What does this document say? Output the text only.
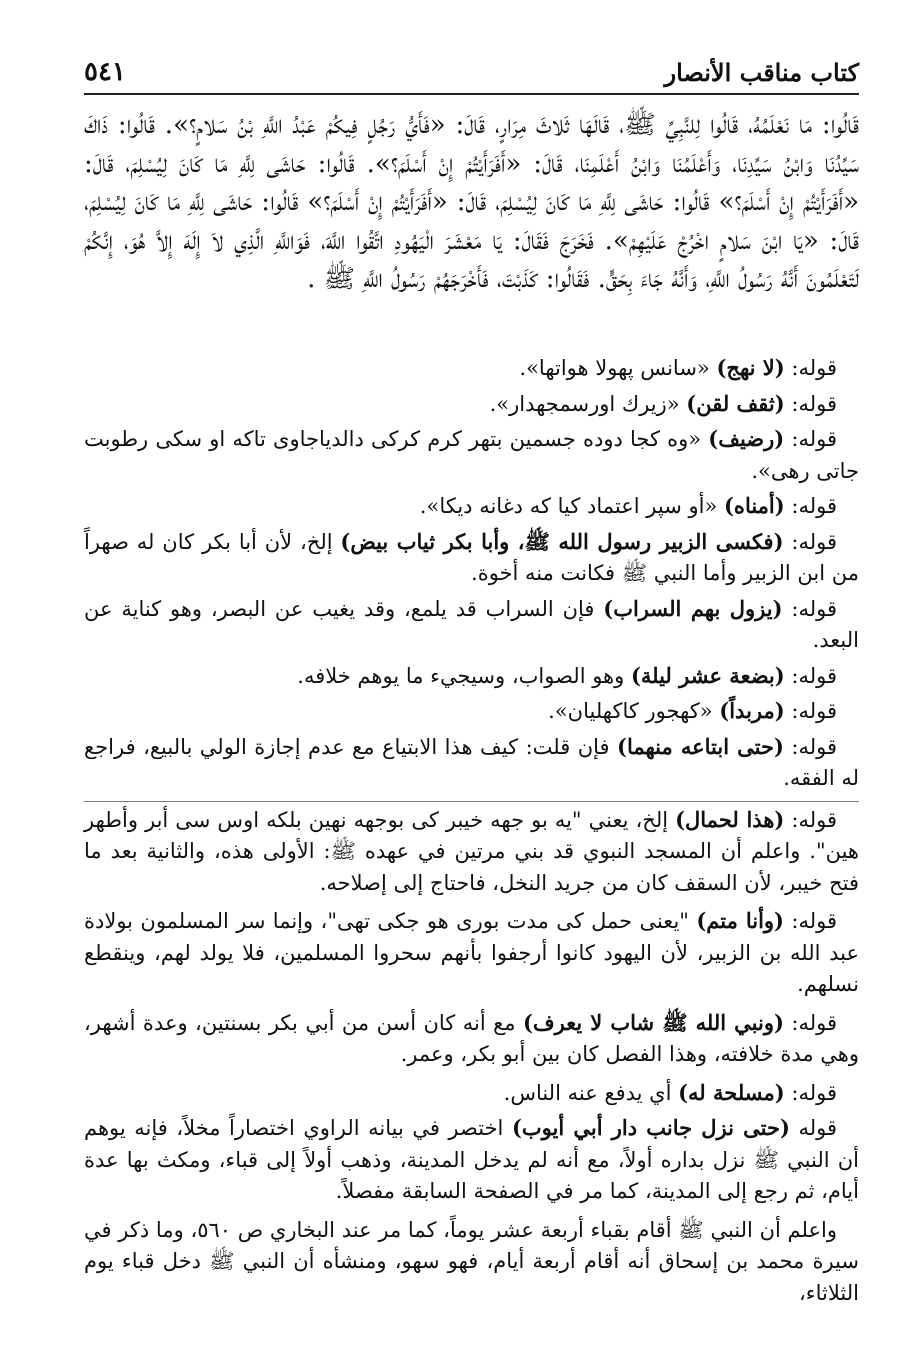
كتاب مناقب الأنصار
٥٤١

قَالُوا: مَا نَعْلَمُهُ، قَالُوا لِلنَّبِيِّ ﷺ، قَالَهَا ثَلاثَ مِرَارٍ، قَالَ: «فَأَيُّ رَجُلٍ فِيكُمْ عَبْدُ اللَّهِ بْنُ سَلامٍ؟». قَالُوا: ذَاكَ سَيِّدُنَا وَابْنُ سَيِّدِنَا، وَأَعْلَمُنَا وَابْنُ أَعْلَمِنَا، قَالَ: «أَفَرَأَيْتُمْ إِنْ أَسْلَمَ؟». قَالُوا: حَاشَى لِلَّهِ مَا كَانَ لِيُسْلِمَ، قَالَ: «أَفَرَأَيْتُمْ إِنْ أَسْلَمَ؟» قَالُوا: حَاشَى لِلَّهِ مَا كَانَ لِيُسْلِمَ، قَالَ: «أَفَرَأَيْتُمْ إِنْ أَسْلَمَ؟» قَالُوا: حَاشَى لِلَّهِ مَا كَانَ لِيُسْلِمَ، قَالَ: «يَا ابْنَ سَلامٍ اخْرُجْ عَلَيْهِمْ». فَخَرَجَ فَقَالَ: يَا مَعْشَرَ الْيَهُودِ اتَّقُوا اللَّهَ، فَوَاللَّهِ الَّذِي لاَ إِلَهَ إِلاَّ هُوَ، إِنَّكُمْ لَتَعْلَمُونَ أَنَّهُ رَسُولُ اللَّهِ، وَأَنَّهُ جَاءَ بِحَقٍّ. فَقَالُوا: كَذَبْتَ، فَأَخْرَجَهُمْ رَسُولُ اللَّهِ ﷺ .

قوله: (لا نهج) «سانس پهولا هواتها».

قوله: (ثقف لقن) «زيرك اورسمجهدار».

قوله: (رضيف) «وه كجا دوده جسمين بتهر كرم كركى دالدياجاوى تاكه او سكى رطوبت جاتى رهى».

قوله: (أمناه) «أو سپر اعتماد كيا كه دغانه ديكا».

قوله: (فكسى الزبير رسول الله ﷺ، وأبا بكر ثياب بيض) إلخ، لأن أبا بكر كان له صهراً من ابن الزبير وأما النبي ﷺ فكانت منه أخوة.

قوله: (يزول بهم السراب) فإن السراب قد يلمع، وقد يغيب عن البصر، وهو كناية عن البعد.

قوله: (بضعة عشر ليلة) وهو الصواب، وسيجيء ما يوهم خلافه.

قوله: (مربداً) «كهجور كاكهليان».

قوله: (حتى ابتاعه منهما) فإن قلت: كيف هذا الابتياع مع عدم إجازة الولي بالبيع، فراجع له الفقه.

قوله: (هذا لحمال) إلخ، يعني "يه بو جهه خيبر كى بوجهه نهين بلكه اوس سى أبر وأطهر هين". واعلم أن المسجد النبوي قد بني مرتين في عهده ﷺ: الأولى هذه، والثانية بعد ما فتح خيبر، لأن السقف كان من جريد النخل، فاحتاج إلى إصلاحه.

قوله: (وأنا متم) "يعنى حمل كى مدت بورى هو جكى تهى"، وإنما سر المسلمون بولادة عبد الله بن الزبير، لأن اليهود كانوا أرجفوا بأنهم سحروا المسلمين، فلا يولد لهم، وينقطع نسلهم.

قوله: (ونبي الله ﷺ شاب لا يعرف) مع أنه كان أسن من أبي بكر بسنتين، وعدة أشهر، وهي مدة خلافته، وهذا الفصل كان بين أبو بكر، وعمر.

قوله: (مسلحة له) أي يدفع عنه الناس.

قوله (حتى نزل جانب دار أبي أيوب) اختصر في بيانه الراوي اختصاراً مخلاً، فإنه يوهم أن النبي ﷺ نزل بداره أولاً، مع أنه لم يدخل المدينة، وذهب أولاً إلى قباء، ومكث بها عدة أيام، ثم رجع إلى المدينة، كما مر في الصفحة السابقة مفصلاً.

واعلم أن النبي ﷺ أقام بقباء أربعة عشر يوماً، كما مر عند البخاري ص ٥٦٠، وما ذكر في سيرة محمد بن إسحاق أنه أقام أربعة أيام، فهو سهو، ومنشأه أن النبي ﷺ دخل قباء يوم الثلاثاء،
